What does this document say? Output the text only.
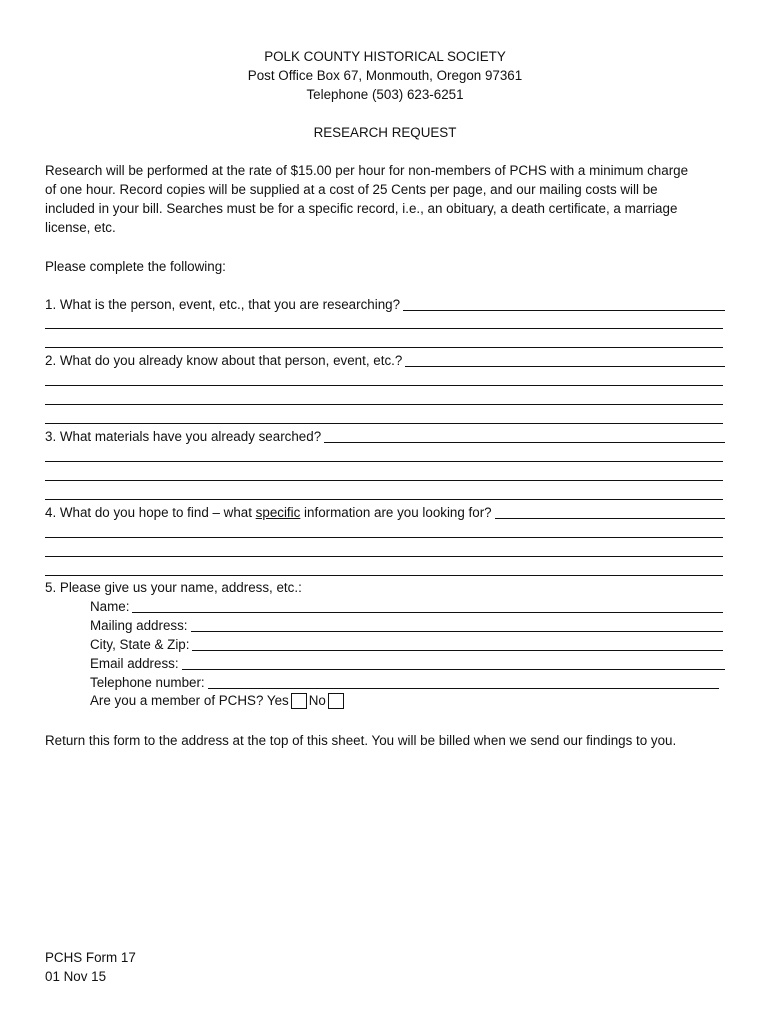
POLK COUNTY HISTORICAL SOCIETY
Post Office Box 67, Monmouth, Oregon 97361
Telephone (503) 623-6251
RESEARCH REQUEST

Research will be performed at the rate of $15.00 per hour for non-members of PCHS with a minimum charge

of one hour. Record copies will be supplied at a cost of 25 Cents per page, and our mailing costs will be

included in your bill. Searches must be for a specific record, i.e., an obituary, a death certificate, a marriage

license, etc.

Please complete the following:
1. What is the person, event, etc., that you are researching?
2. What do you already know about that person, event, etc.?
3. What materials have you already searched?
4. What do you hope to find – what specific information are you looking for?
5. Please give us your name, address, etc.:
Name:
Mailing address:
City, State & Zip:
Email address:
Telephone number:
Are you a member of PCHS? Yes No
Return this form to the address at the top of this sheet. You will be billed when we send our findings to you.
PCHS Form 17
01 Nov 15
